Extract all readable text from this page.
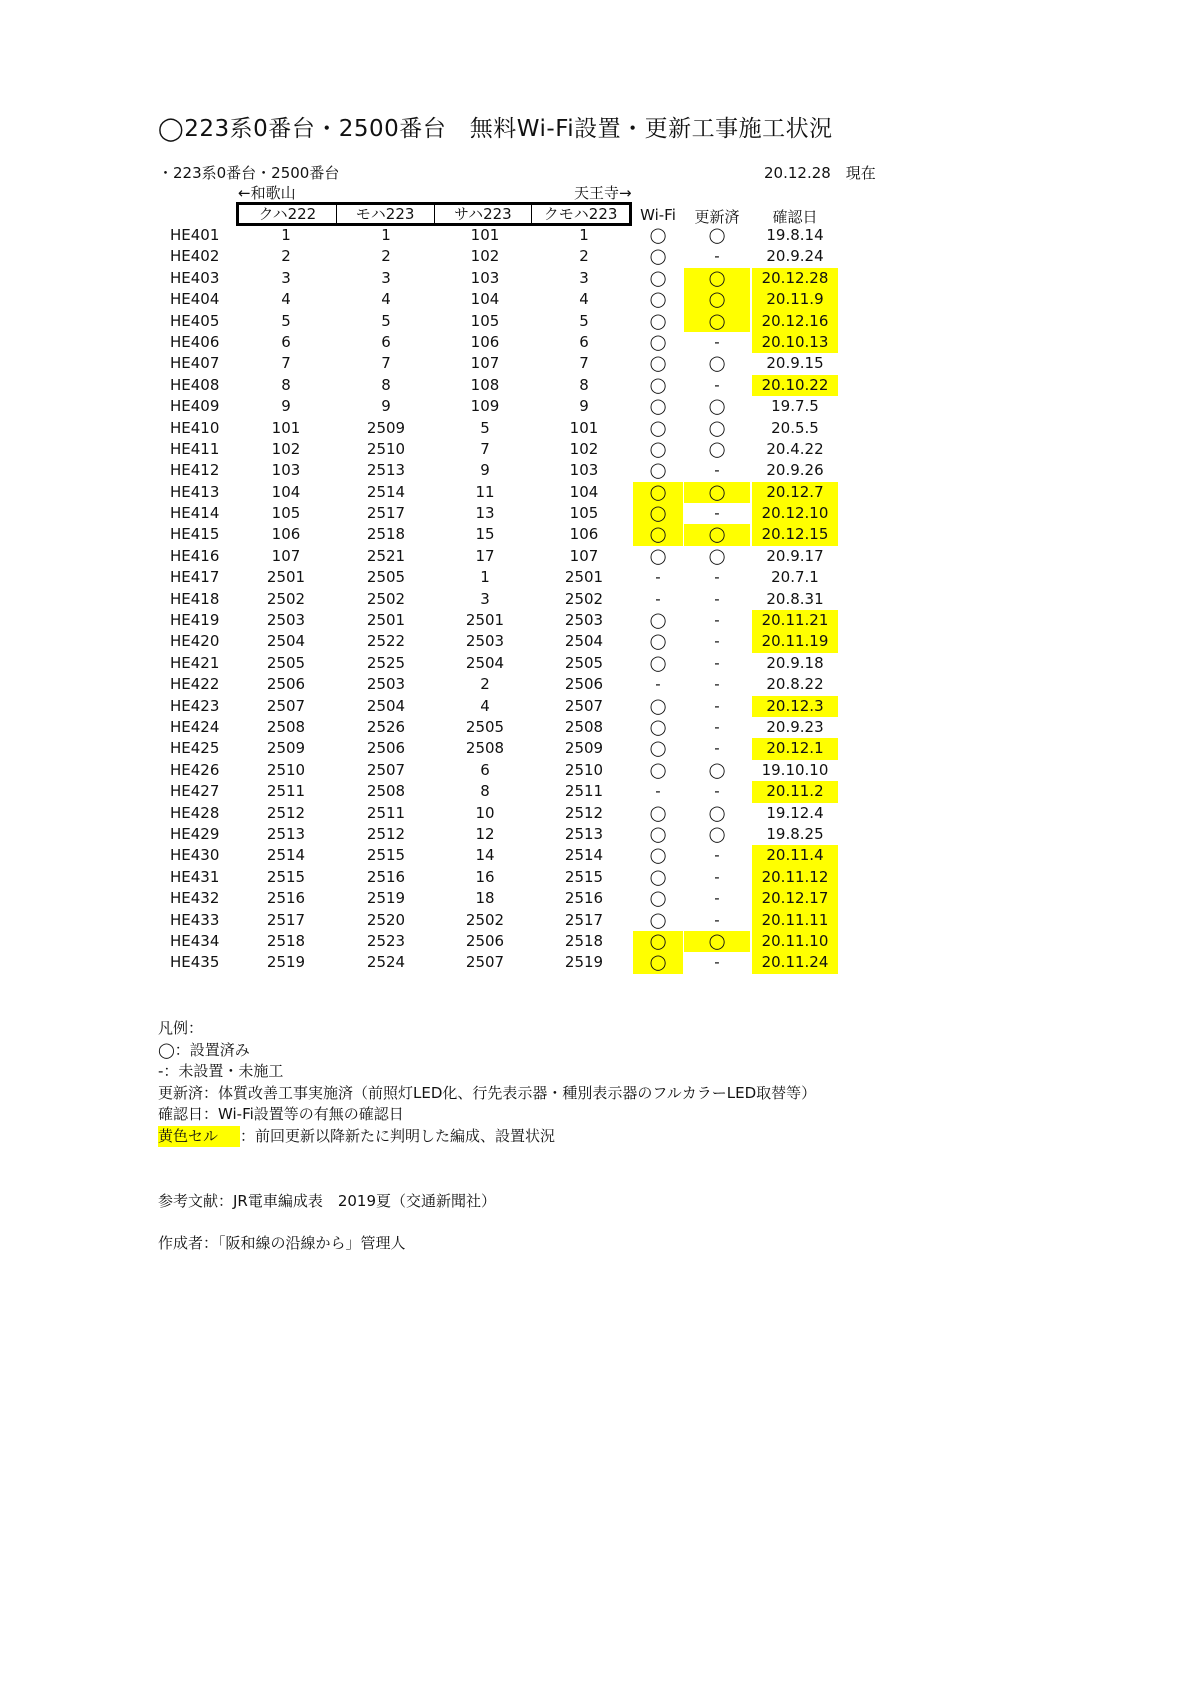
◯223系0番台・2500番台　無料Wi-Fi設置・更新工事施工状況
・223系0番台・2500番台	20.12.28　現在
←和歌山	天王寺→
クハ222	モハ223	サハ223	クモハ223	Wi-Fi	更新済	確認日
HE401	1	1	101	1	◯	◯	19.8.14
HE402	2	2	102	2	◯	-	20.9.24
HE403	3	3	103	3	◯	◯	20.12.28
HE404	4	4	104	4	◯	◯	20.11.9
HE405	5	5	105	5	◯	◯	20.12.16
HE406	6	6	106	6	◯	-	20.10.13
HE407	7	7	107	7	◯	◯	20.9.15
HE408	8	8	108	8	◯	-	20.10.22
HE409	9	9	109	9	◯	◯	19.7.5
HE410	101	2509	5	101	◯	◯	20.5.5
HE411	102	2510	7	102	◯	◯	20.4.22
HE412	103	2513	9	103	◯	-	20.9.26
HE413	104	2514	11	104	◯	◯	20.12.7
HE414	105	2517	13	105	◯	-	20.12.10
HE415	106	2518	15	106	◯	◯	20.12.15
HE416	107	2521	17	107	◯	◯	20.9.17
HE417	2501	2505	1	2501	-	-	20.7.1
HE418	2502	2502	3	2502	-	-	20.8.31
HE419	2503	2501	2501	2503	◯	-	20.11.21
HE420	2504	2522	2503	2504	◯	-	20.11.19
HE421	2505	2525	2504	2505	◯	-	20.9.18
HE422	2506	2503	2	2506	-	-	20.8.22
HE423	2507	2504	4	2507	◯	-	20.12.3
HE424	2508	2526	2505	2508	◯	-	20.9.23
HE425	2509	2506	2508	2509	◯	-	20.12.1
HE426	2510	2507	6	2510	◯	◯	19.10.10
HE427	2511	2508	8	2511	-	-	20.11.2
HE428	2512	2511	10	2512	◯	◯	19.12.4
HE429	2513	2512	12	2513	◯	◯	19.8.25
HE430	2514	2515	14	2514	◯	-	20.11.4
HE431	2515	2516	16	2515	◯	-	20.11.12
HE432	2516	2519	18	2516	◯	-	20.12.17
HE433	2517	2520	2502	2517	◯	-	20.11.11
HE434	2518	2523	2506	2518	◯	◯	20.11.10
HE435	2519	2524	2507	2519	◯	-	20.11.24
凡例：
◯：設置済み
-：未設置・未施工
更新済：体質改善工事実施済（前照灯LED化、行先表示器・種別表示器のフルカラーLED取替等）
確認日：Wi-Fi設置等の有無の確認日
黄色セル ：前回更新以降新たに判明した編成、設置状況
参考文献：JR電車編成表　2019夏（交通新聞社）
作成者：「阪和線の沿線から」管理人
